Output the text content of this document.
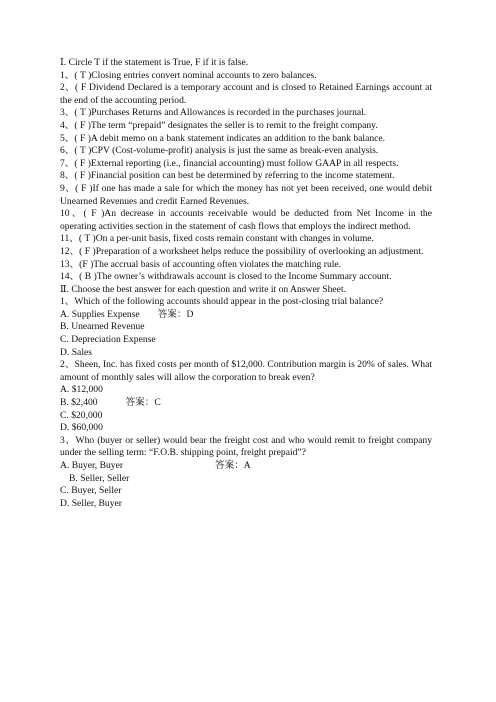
Ⅰ. Circle T if the statement is True, F if it is false.
1、( T )Closing entries convert nominal accounts to zero balances.
2、( F Dividend Declared is a temporary account and is closed to Retained Earnings account at the end of the accounting period.
3、( T )Purchases Returns and Allowances is recorded in the purchases journal.
4、( F )The term “prepaid” designates the seller is to remit to the freight company.
5、( F )A debit memo on a bank statement indicates an addition to the bank balance.
6、( T )CPV (Cost-volume-profit) analysis is just the same as break-even analysis.
7、( F )External reporting (i.e., financial accounting) must follow GAAP in all respects.
8、( F )Financial position can best be determined by referring to the income statement.
9、( F )If one has made a sale for which the money has not yet been received, one would debit Unearned Revenues and credit Earned Revenues.
10、( F )An decrease in accounts receivable would be deducted from Net Income in the operating activities section in the statement of cash flows that employs the indirect method.
11、( T )On a per-unit basis, fixed costs remain constant with changes in volume.
12、( F )Preparation of a worksheet helps reduce the possibility of overlooking an adjustment.
13、(F )The accrual basis of accounting often violates the matching rule.
14、( B )The owner’s withdrawals account is closed to the Income Summary account.
Ⅱ. Choose the best answer for each question and write it on Answer Sheet.
1、Which of the following accounts should appear in the post-closing trial balance?
A. Supplies Expense 答案：D
B. Unearned Revenue
C. Depreciation Expense
D. Sales
2、Sheen, Inc. has fixed costs per month of $12,000. Contribution margin is 20% of sales. What amount of monthly sales will allow the corporation to break even?
A. $12,000
B. $2,400	答案：C
C. $20,000
D. $60,000
3、Who (buyer or seller) would bear the freight cost and who would remit to freight company under the selling term: “F.O.B. shipping point, freight prepaid”?
A. Buyer, Buyer	答案：A
B. Seller, Seller
C. Buyer, Seller
D. Seller, Buyer
